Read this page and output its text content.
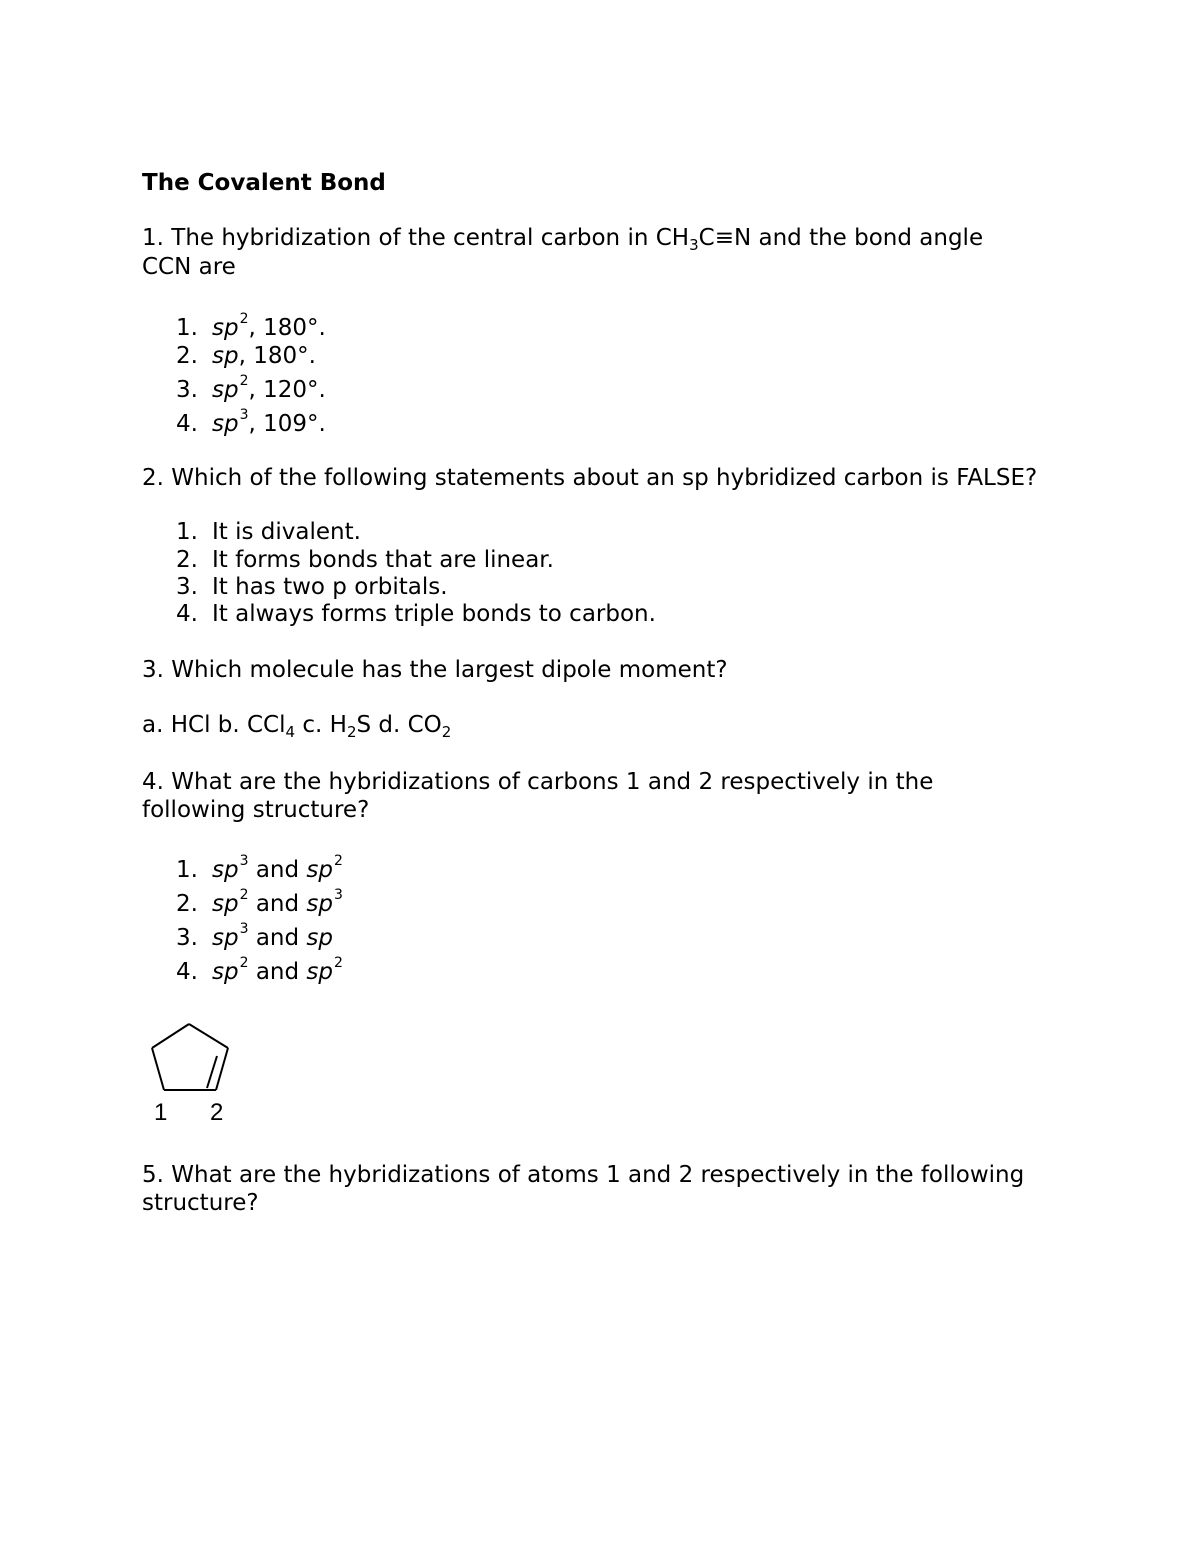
The Covalent Bond
1. The hybridization of the central carbon in $CH_3C\equiv N$ and the bond angle
CCN are
1. $sp^2$, 180°.
2. sp, 180°.
3. $sp^2$, 120°.
4. $sp^3$, 109°.
2. Which of the following statements about an sp hybridized carbon is FALSE?
1. It is divalent.
2. It forms bonds that are linear.
3. It has two p orbitals.
4. It always forms triple bonds to carbon.
3. Which molecule has the largest dipole moment?
a. HCl b. CCl$_4$ c. $H_2S$ d. $CO_2$
4. What are the hybridizations of carbons 1 and 2 respectively in the
following structure?
1. $sp^3$ and $sp^2$
2. $sp^2$ and $sp^3$
3. $sp^3$ and sp
4. $sp^2$ and $sp^2$
1 2
5. What are the hybridizations of atoms 1 and 2 respectively in the following
structure?
